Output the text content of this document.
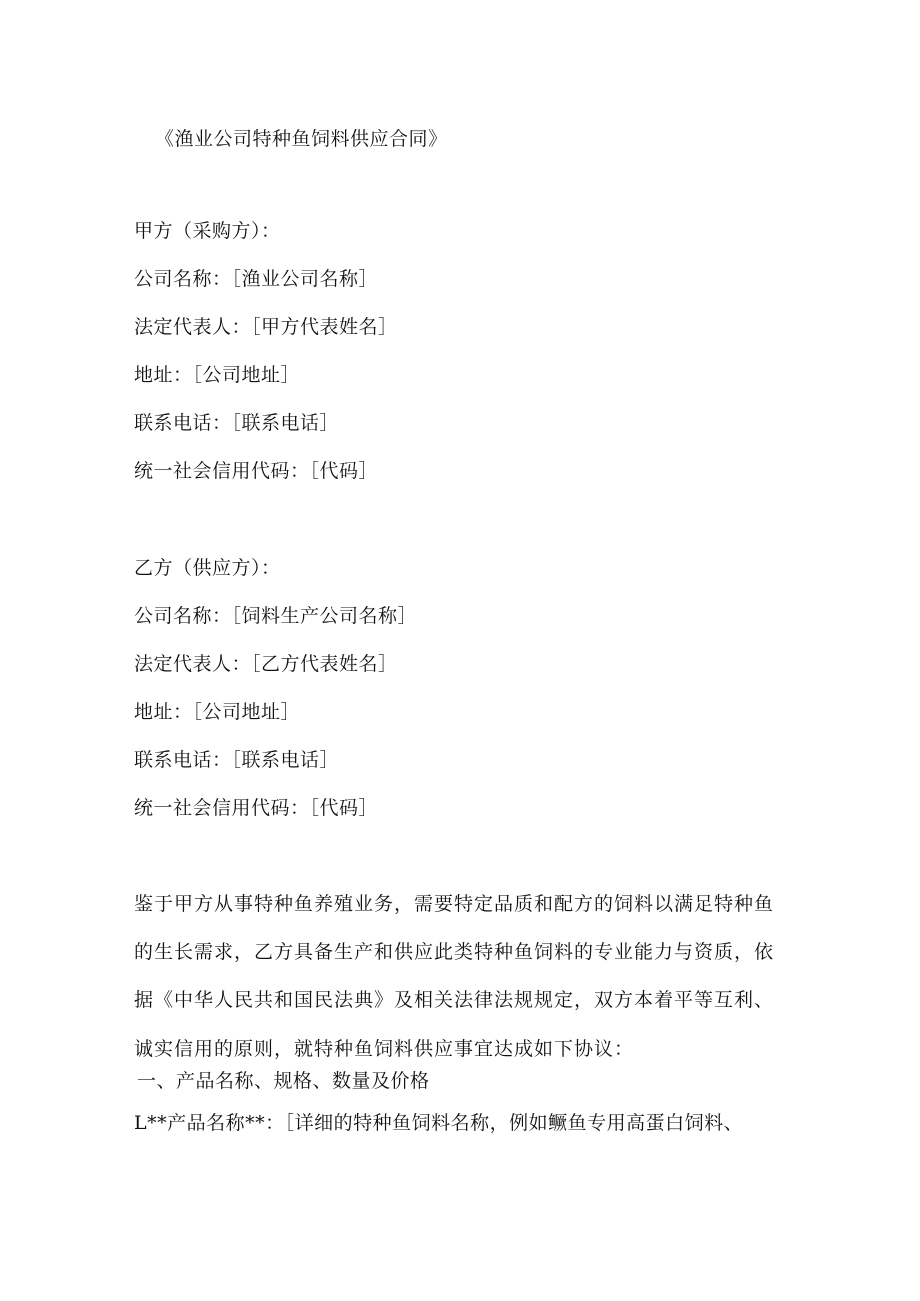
《渔业公司特种鱼饲料供应合同》
甲方（采购方）：
公司名称：［渔业公司名称］
法定代表人：［甲方代表姓名］
地址：［公司地址］
联系电话：［联系电话］
统一社会信用代码：［代码］
乙方（供应方）：
公司名称：［饲料生产公司名称］
法定代表人：［乙方代表姓名］
地址：［公司地址］
联系电话：［联系电话］
统一社会信用代码：［代码］
鉴于甲方从事特种鱼养殖业务，需要特定品质和配方的饲料以满足特种鱼
的生长需求，乙方具备生产和供应此类特种鱼饲料的专业能力与资质，依
据《中华人民共和国民法典》及相关法律法规规定，双方本着平等互利、
诚实信用的原则，就特种鱼饲料供应事宜达成如下协议：
一、产品名称、规格、数量及价格
L**产品名称**：［详细的特种鱼饲料名称，例如鳜鱼专用高蛋白饲料、
